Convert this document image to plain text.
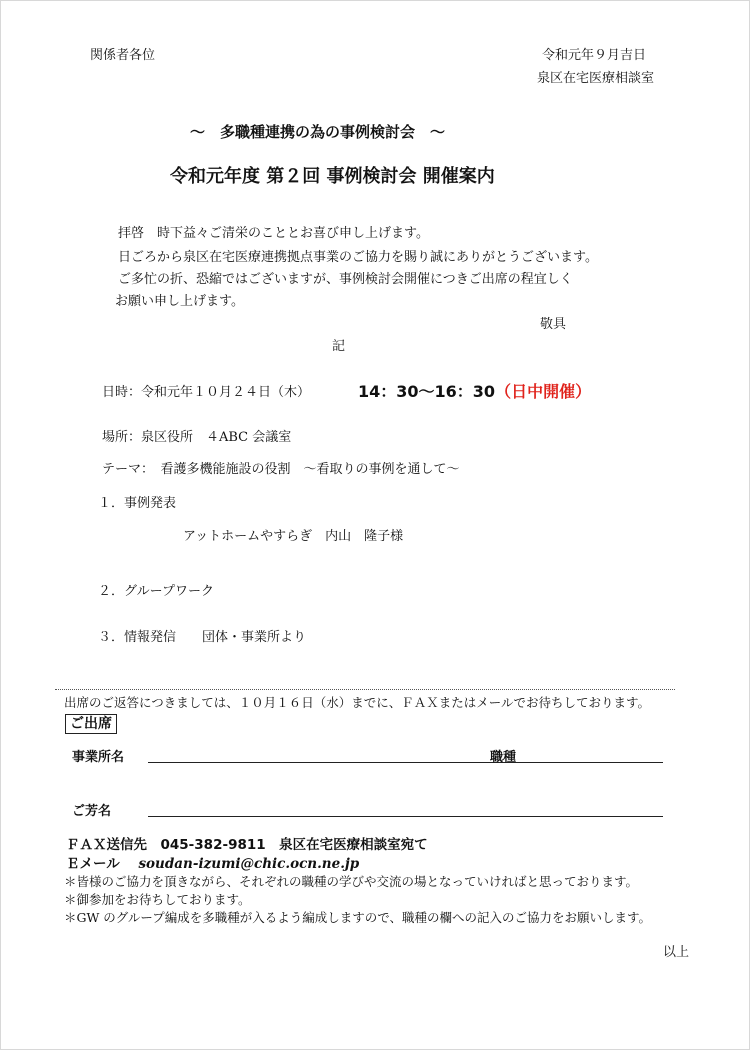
関係者各位	令和元年９月吉日
泉区在宅医療相談室
～　多職種連携の為の事例検討会　～
令和元年度 第２回 事例検討会 開催案内
拝啓　時下益々ご清栄のこととお喜び申し上げます。
日ごろから泉区在宅医療連携拠点事業のご協力を賜り誠にありがとうございます。
ご多忙の折、恐縮ではございますが、事例検討会開催につきご出席の程宜しく
お願い申し上げます。
敬具
記
日時：令和元年１０月２４日（木）	14：30～16：30（日中開催）
場所：泉区役所　４ABC 会議室
テーマ：　看護多機能施設の役割　～看取りの事例を通して～
１．事例発表
アットホームやすらぎ　内山　隆子様
２．グループワーク
３．情報発信　　団体・事業所より
出席のご返答につきましては、１０月１６日（水）までに、ＦＡＸまたはメールでお待ちしております。
ご出席
事業所名	職種
ご芳名
ＦＡＸ送信先　045-382-9811　泉区在宅医療相談室宛て
Ｅメール soudan-izumi@chic.ocn.ne.jp
＊皆様のご協力を頂きながら、それぞれの職種の学びや交流の場となっていければと思っております。
＊御参加をお待ちしております。
＊GW のグループ編成を多職種が入るよう編成しますので、職種の欄への記入のご協力をお願いします。
以上
